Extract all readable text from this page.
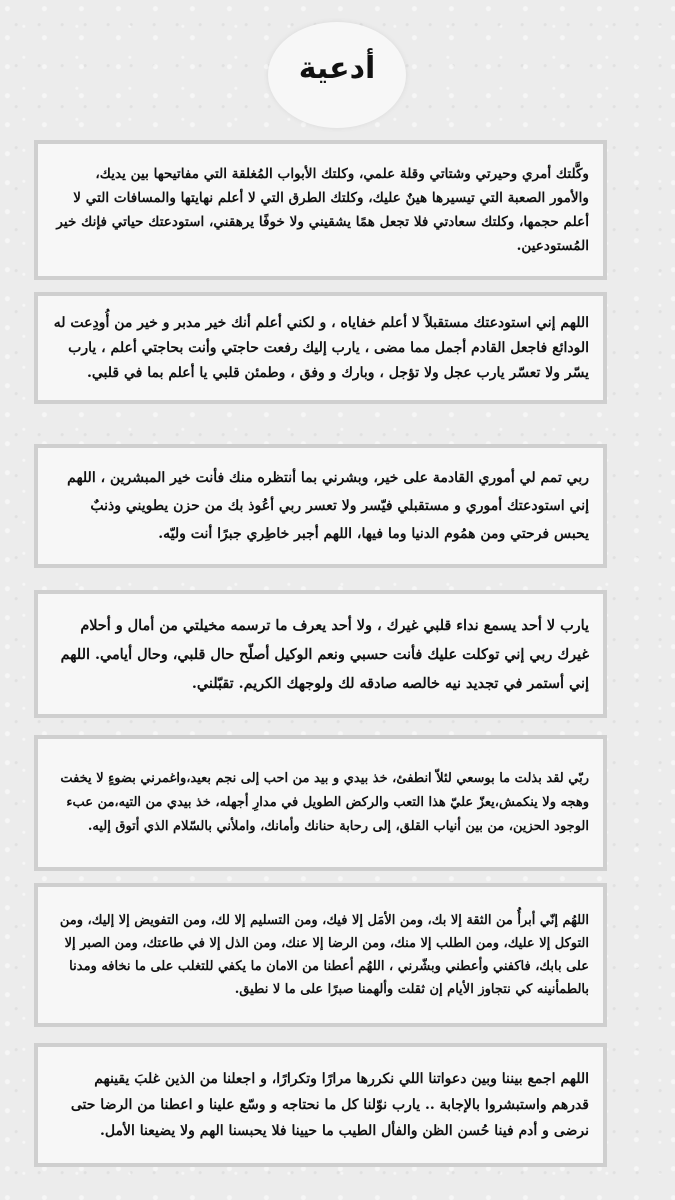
أدعية

وكَّلتك أمري وحيرتي وشتاتي وقلة علمي، وكلتك الأبواب المُغلقة التي مفاتيحها بين يديك، والأمور الصعبة التي تيسيرها هينٌ عليك، وكلتك الطرق التي لا أعلم نهايتها والمسافات التي لا أعلم حجمها، وكلتك سعادتي فلا تجعل همًا يشقيني ولا خوفًا يرهقني، استودعتك حياتي فإنك خير المُستودعين.

اللهم إني استودعتك مستقبلاً لا أعلم خفاياه ، و لكني أعلم أنك خير مدبر و خير من أُودِعت له الودائع فاجعل القادم أجمل مما مضى ، يارب إليك رفعت حاجتي وأنت بحاجتي أعلم ، يارب يسّر ولا تعسّر يارب عجل ولا تؤجل ، وبارك و وفق ، وطمئن قلبي يا أعلم بما في قلبي.

ربي تمم لي أموري القادمة على خير، وبشرني بما أنتظره منك فأنت خير المبشرين ، اللهم إني استودعتك أموري و مستقبلي فيّسر ولا تعسر ربي أعُوذ بك من حزن يطويني وذنبٌ يحبس فرحتي ومن همُوم الدنيا وما فيها، اللهم أجبر خاطِري جبرًا أنت وليّه.

يارب لا أحد يسمع نداء قلبي غيرك ، ولا أحد يعرف ما ترسمه مخيلتي من أمال و أحلام غيرك ربي إني توكلت عليك فأنت حسبي ونعم الوكيل أصلّح حال قلبي، وحال أيامي. اللهم إني أستمر في تجديد نيه خالصه صادقه لك ولوجهك الكريم. تقبّلني.

ربّي لقد بذلت ما بوسعي لئلاّ انطفئ، خذ بيدي و بيد من احب إلى نجم بعيد،واغمرني بضوءٍ لا يخفت وهجه ولا ينكمش،يعزّ عليّ هذا التعب والركض الطويل في مدارِ أجهله، خذ بيدي من التيه،من عبء الوجود الحزين، من بين أنياب القلق، إلى رحابة حنانك وأمانك، واملأني بالسّلام الذي أتوق إليه.

اللهُم إنّي أبرأُ من الثقة إلا بك، ومن الأمَل إلا فيك، ومن التسليم إلا لك، ومن التفويض إلا إليك، ومن التوكل إلا عليك، ومن الطلب إلا منك، ومن الرضا إلا عنك، ومن الذل إلا في طاعتك، ومن الصبر إلا على بابك، فاكفني وأعطني وبشّرني ، اللهُم أعطنا من الامان ما يكفي للتغلب على ما نخافه ومدنا بالطمأنينه كي نتجاوز الأيام إن ثقلت وألهمنا صبرًا على ما لا نطيق.

اللهم اجمع بيننا وبين دعواتنا اللي نكررها مرارًا وتكرارًا، و اجعلنا من الذين غلبَ يقينهم قدرهم واستبشروا بالإجابة .. يارب نوّلنا كل ما نحتاجه و وسّع علينا و اعطنا من الرضا حتى نرضى و أدم فينا حُسن الظن والفأل الطيب ما حيينا فلا يحبسنا الهم ولا يضيعنا الأمل.
